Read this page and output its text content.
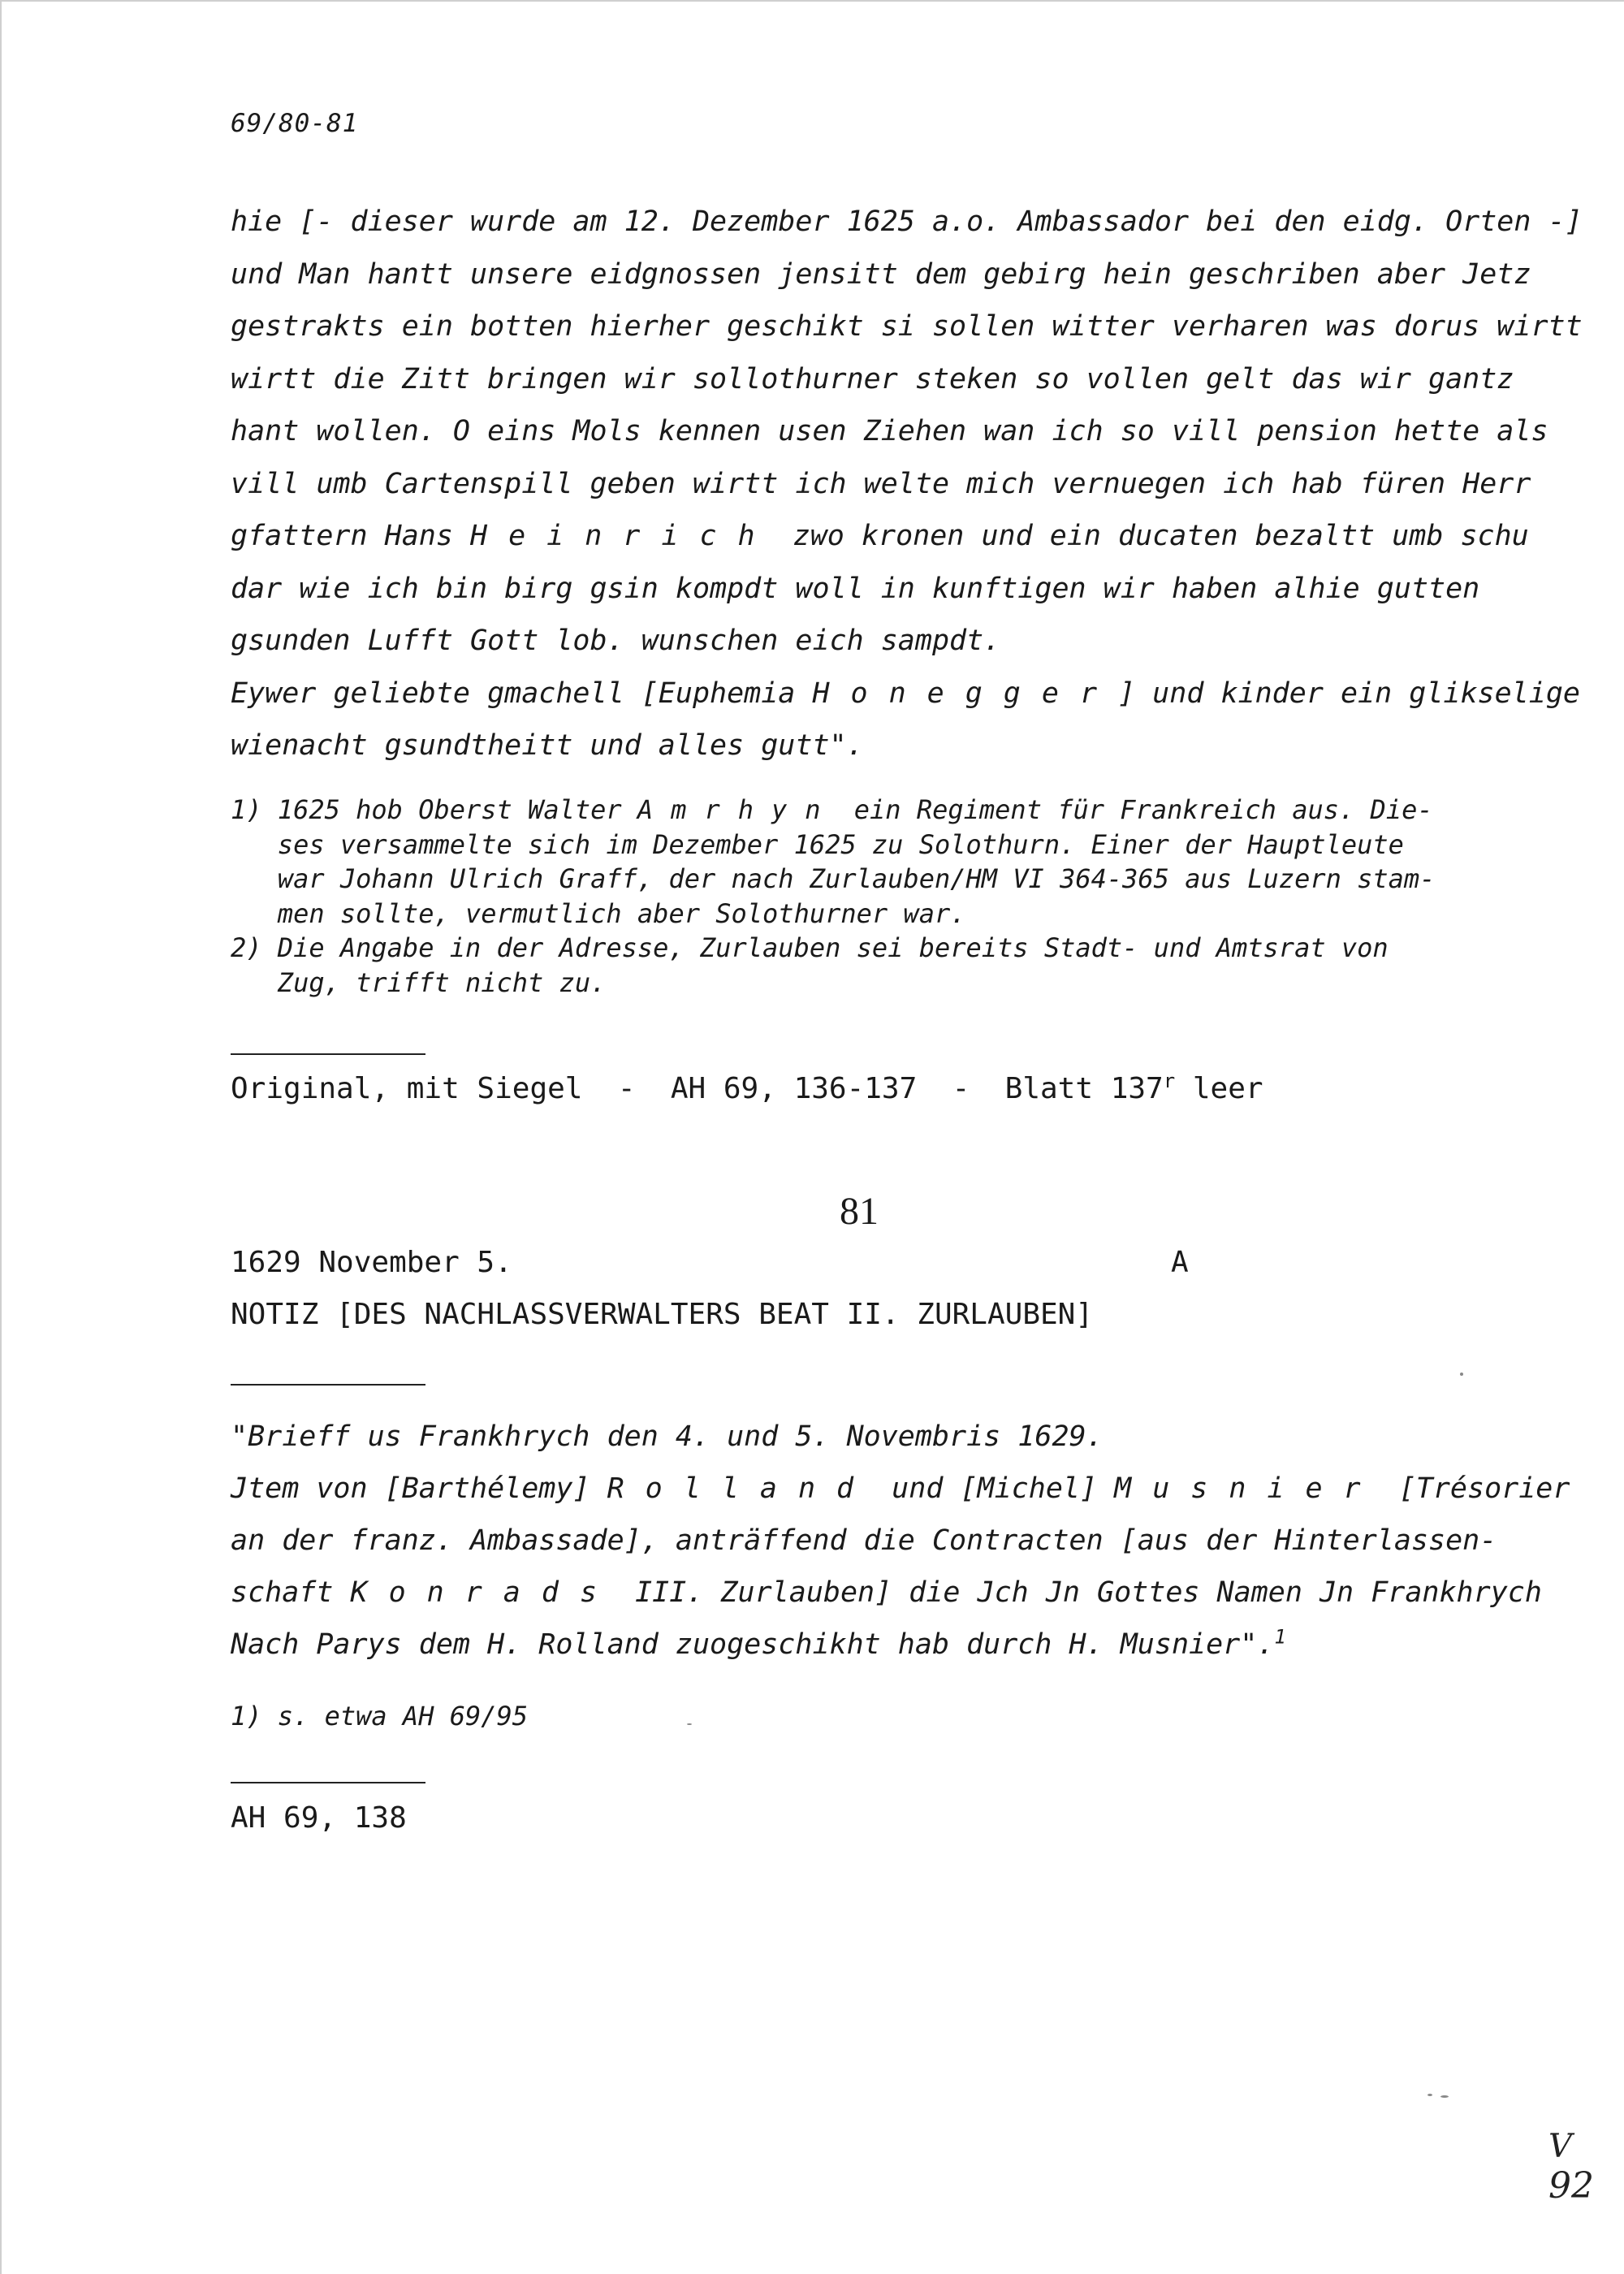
69/80-81
hie [- dieser wurde am 12. Dezember 1625 a.o. Ambassador bei den eidg. Orten -]
und Man hantt unsere eidgnossen jensitt dem gebirg hein geschriben aber Jetz
gestrakts ein botten hierher geschikt si sollen witter verharen was dorus wirtt
wirtt die Zitt bringen wir sollothurner steken so vollen gelt das wir gantz
hant wollen. O eins Mols kennen usen Ziehen wan ich so vill pension hette als
vill umb Cartenspill geben wirtt ich welte mich vernuegen ich hab füren Herr
gfattern Hans Heinrich zwo kronen und ein ducaten bezaltt umb schu
dar wie ich bin birg gsin kompdt woll in kunftigen wir haben alhie gutten
gsunden Lufft Gott lob. wunschen eich sampdt.
Eywer geliebte gmachell [Euphemia Honegger] und kinder ein glikselige
wienacht gsundtheitt und alles gutt".
1) 1625 hob Oberst Walter Amrhyn ein Regiment für Frankreich aus. Die-
ses versammelte sich im Dezember 1625 zu Solothurn. Einer der Hauptleute
war Johann Ulrich Graff, der nach Zurlauben/HM VI 364-365 aus Luzern stam-
men sollte, vermutlich aber Solothurner war.
2) Die Angabe in der Adresse, Zurlauben sei bereits Stadt- und Amtsrat von
Zug, trifft nicht zu.
Original, mit Siegel  -  AH 69, 136-137  -  Blatt 137$^r$ leer
81
1629 November 5.	A
NOTIZ [DES NACHLASSVERWALTERS BEAT II. ZURLAUBEN]
"Brieff us Frankhrych den 4. und 5. Novembris 1629.
Jtem von [Barthélemy] Rolland und [Michel] Musnier [Trésorier
an der franz. Ambassade], anträffend die Contracten [aus der Hinterlassen-
schaft Konrads III. Zurlauben] die Jch Jn Gottes Namen Jn Frankhrych
Nach Parys dem H. Rolland zuogeschikht hab durch H. Musnier".$^1$
1) s. etwa AH 69/95
AH 69, 138
V
92
